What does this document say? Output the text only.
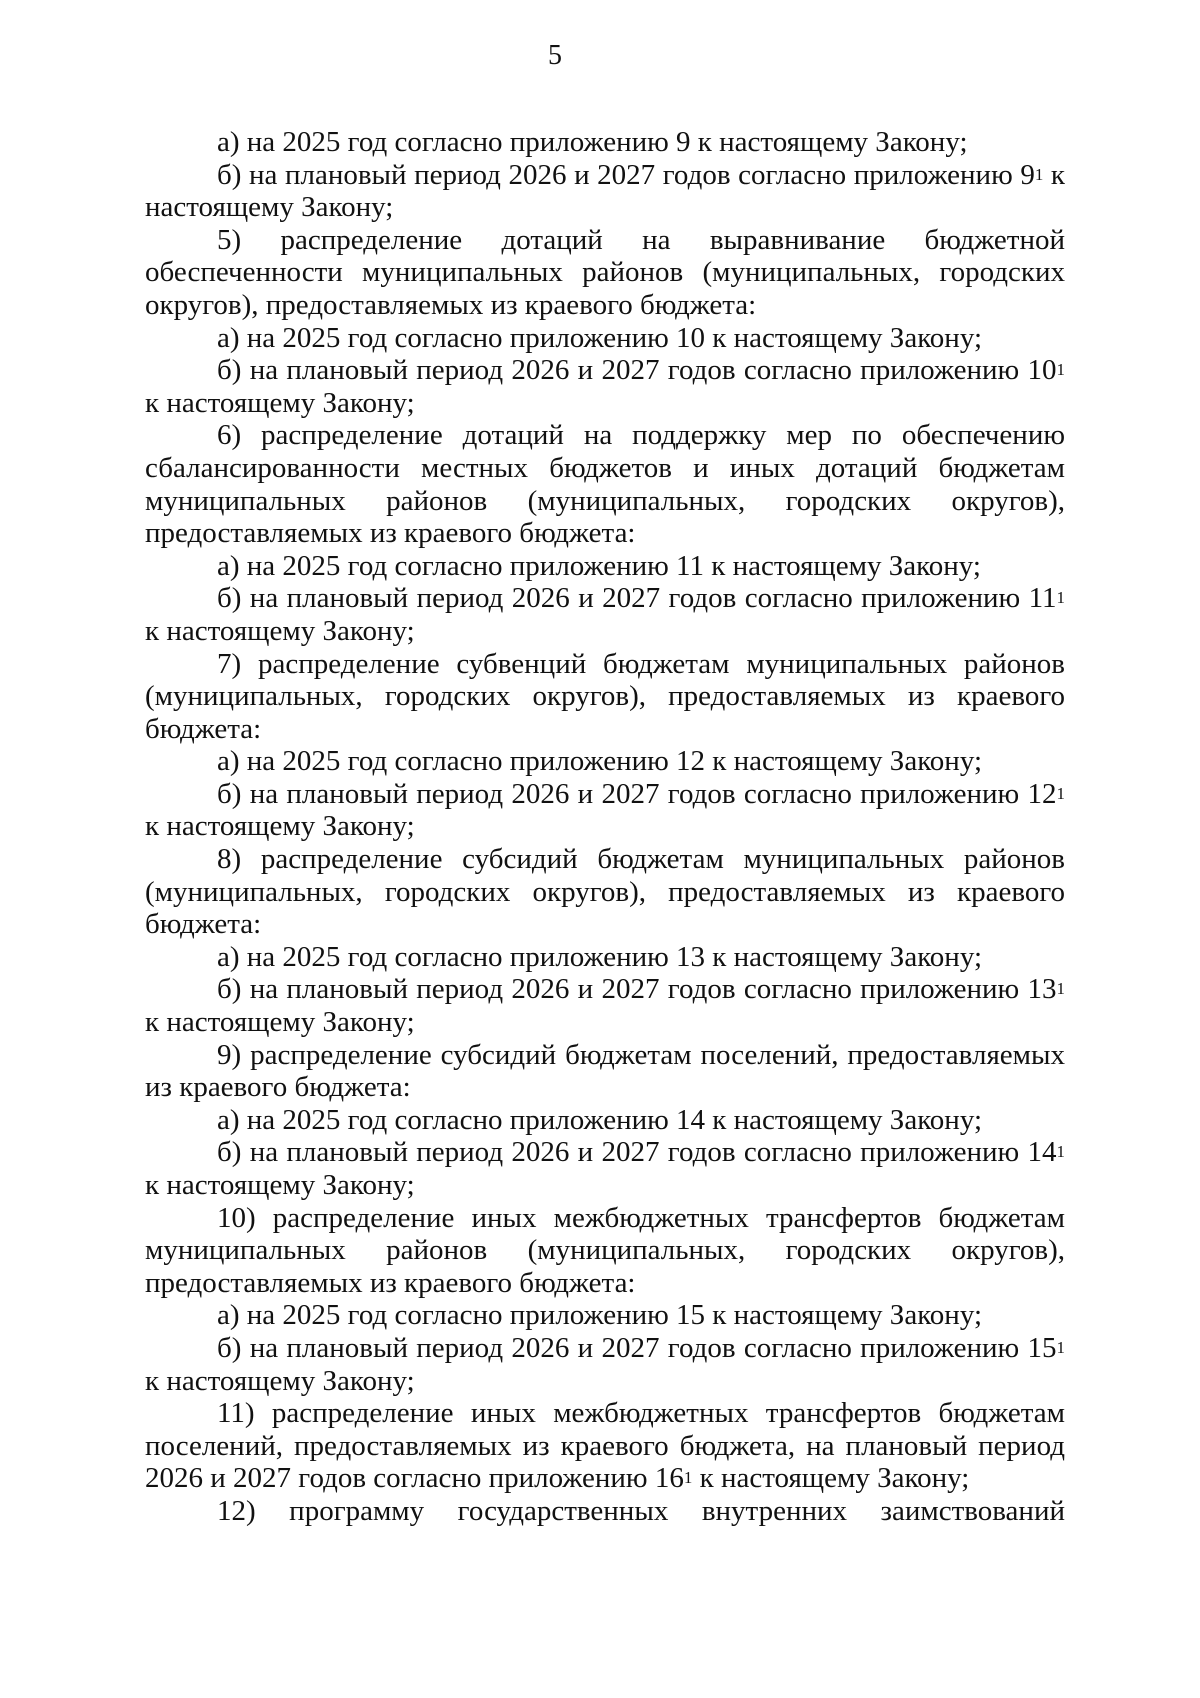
5

а) на 2025 год согласно приложению 9 к настоящему Закону;

б) на плановый период 2026 и 2027 годов согласно приложению $9^1$ к настоящему Закону;

5) распределение дотаций на выравнивание бюджетной обеспеченности муниципальных районов (муниципальных, городских округов), предоставляемых из краевого бюджета:

а) на 2025 год согласно приложению 10 к настоящему Закону;

б) на плановый период 2026 и 2027 годов согласно приложению $10^1$ к настоящему Закону;

6) распределение дотаций на поддержку мер по обеспечению сбалансированности местных бюджетов и иных дотаций бюджетам муниципальных районов (муниципальных, городских округов), предоставляемых из краевого бюджета:

а) на 2025 год согласно приложению 11 к настоящему Закону;

б) на плановый период 2026 и 2027 годов согласно приложению $11^1$ к настоящему Закону;

7) распределение субвенций бюджетам муниципальных районов (муниципальных, городских округов), предоставляемых из краевого бюджета:

а) на 2025 год согласно приложению 12 к настоящему Закону;

б) на плановый период 2026 и 2027 годов согласно приложению $12^1$ к настоящему Закону;

8) распределение субсидий бюджетам муниципальных районов (муниципальных, городских округов), предоставляемых из краевого бюджета:

а) на 2025 год согласно приложению 13 к настоящему Закону;

б) на плановый период 2026 и 2027 годов согласно приложению $13^1$ к настоящему Закону;

9) распределение субсидий бюджетам поселений, предоставляемых из краевого бюджета:

а) на 2025 год согласно приложению 14 к настоящему Закону;

б) на плановый период 2026 и 2027 годов согласно приложению $14^1$ к настоящему Закону;

10) распределение иных межбюджетных трансфертов бюджетам муниципальных районов (муниципальных, городских округов), предоставляемых из краевого бюджета:

а) на 2025 год согласно приложению 15 к настоящему Закону;

б) на плановый период 2026 и 2027 годов согласно приложению $15^1$ к настоящему Закону;

11) распределение иных межбюджетных трансфертов бюджетам поселений, предоставляемых из краевого бюджета, на плановый период 2026 и 2027 годов согласно приложению $16^1$ к настоящему Закону;

12) программу государственных внутренних заимствований
